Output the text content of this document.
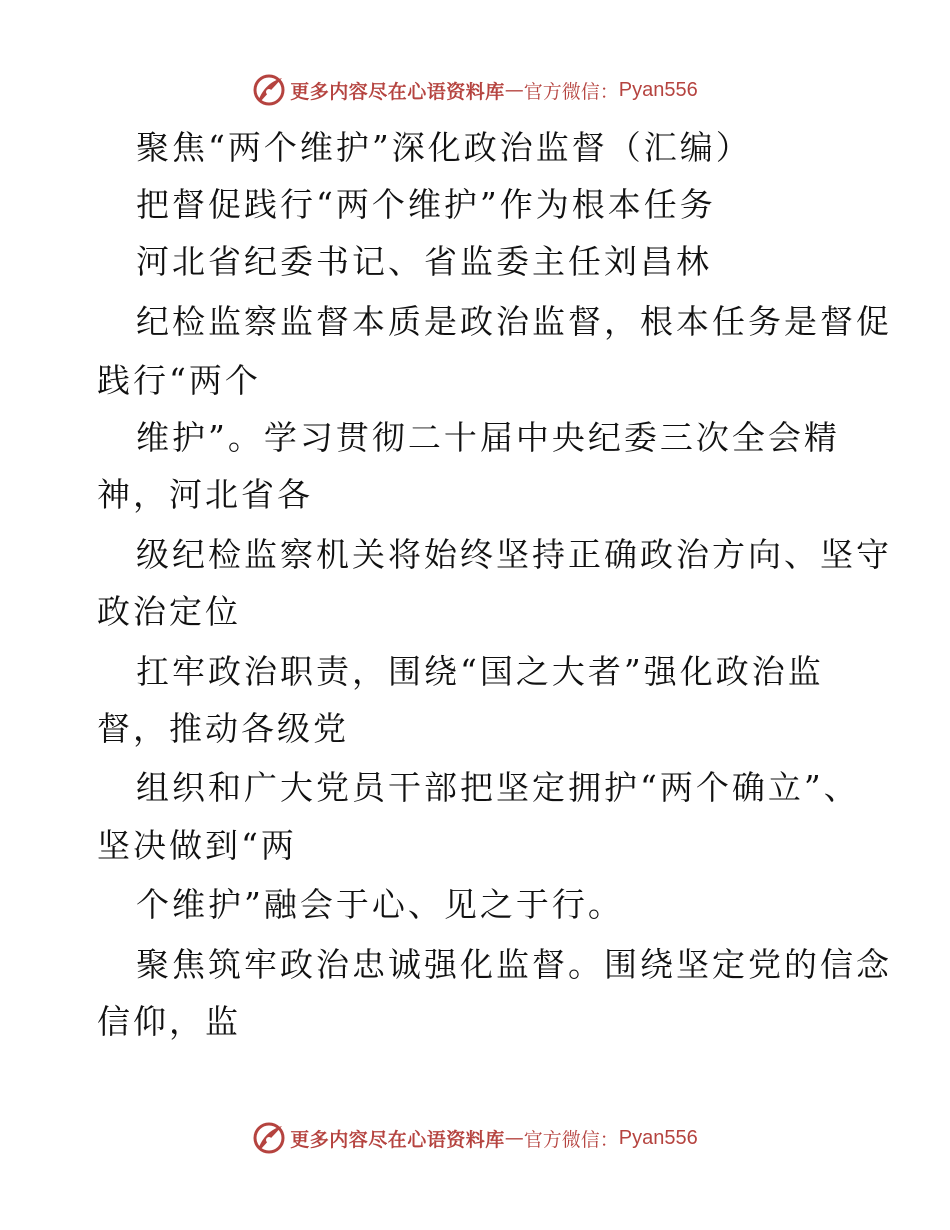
更多内容尽在心语资料库 — 官方微信： Pyan556
聚焦“两个维护”深化政治监督（汇编）
把督促践行“两个维护”作为根本任务
河北省纪委书记、省监委主任刘昌林
纪检监察监督本质是政治监督，根本任务是督促
践行“两个
维护”。学习贯彻二十届中央纪委三次全会精
神，河北省各
级纪检监察机关将始终坚持正确政治方向、坚守
政治定位
扛牢政治职责，围绕“国之大者”强化政治监
督，推动各级党
组织和广大党员干部把坚定拥护“两个确立”、
坚决做到“两
个维护”融会于心、见之于行。
聚焦筑牢政治忠诚强化监督。围绕坚定党的信念
信仰，监
更多内容尽在心语资料库 — 官方微信： Pyan556
